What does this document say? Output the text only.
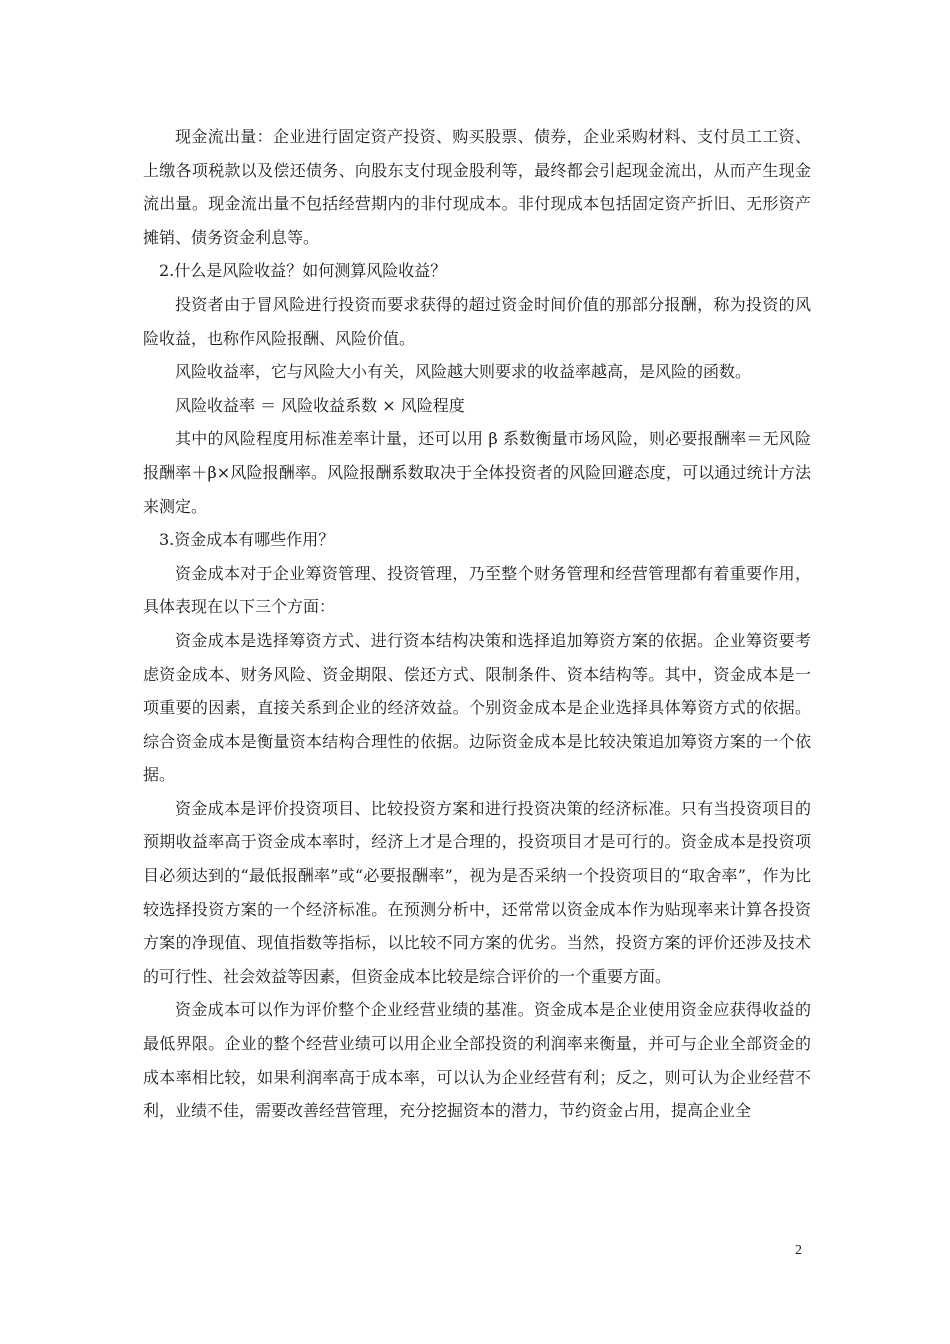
现金流出量：企业进行固定资产投资、购买股票、债券，企业采购材料、支付员工工资、上缴各项税款以及偿还债务、向股东支付现金股利等，最终都会引起现金流出，从而产生现金流出量。现金流出量不包括经营期内的非付现成本。非付现成本包括固定资产折旧、无形资产摊销、债务资金利息等。

2.什么是风险收益？如何测算风险收益？

投资者由于冒风险进行投资而要求获得的超过资金时间价值的那部分报酬，称为投资的风险收益，也称作风险报酬、风险价值。

风险收益率，它与风险大小有关，风险越大则要求的收益率越高，是风险的函数。

风险收益率 ＝ 风险收益系数 × 风险程度

其中的风险程度用标准差率计量，还可以用 β 系数衡量市场风险，则必要报酬率＝无风险报酬率＋β×风险报酬率。风险报酬系数取决于全体投资者的风险回避态度，可以通过统计方法来测定。

3.资金成本有哪些作用？

资金成本对于企业筹资管理、投资管理，乃至整个财务管理和经营管理都有着重要作用，具体表现在以下三个方面：

资金成本是选择筹资方式、进行资本结构决策和选择追加筹资方案的依据。企业筹资要考虑资金成本、财务风险、资金期限、偿还方式、限制条件、资本结构等。其中，资金成本是一项重要的因素，直接关系到企业的经济效益。个别资金成本是企业选择具体筹资方式的依据。综合资金成本是衡量资本结构合理性的依据。边际资金成本是比较决策追加筹资方案的一个依据。

资金成本是评价投资项目、比较投资方案和进行投资决策的经济标准。只有当投资项目的预期收益率高于资金成本率时，经济上才是合理的，投资项目才是可行的。资金成本是投资项目必须达到的“最低报酬率”或“必要报酬率”，视为是否采纳一个投资项目的“取舍率”，作为比较选择投资方案的一个经济标准。在预测分析中，还常常以资金成本作为贴现率来计算各投资方案的净现值、现值指数等指标，以比较不同方案的优劣。当然，投资方案的评价还涉及技术的可行性、社会效益等因素，但资金成本比较是综合评价的一个重要方面。

资金成本可以作为评价整个企业经营业绩的基准。资金成本是企业使用资金应获得收益的最低界限。企业的整个经营业绩可以用企业全部投资的利润率来衡量，并可与企业全部资金的成本率相比较，如果利润率高于成本率，可以认为企业经营有利；反之，则可认为企业经营不利，业绩不佳，需要改善经营管理，充分挖掘资本的潜力，节约资金占用，提高企业全

2
